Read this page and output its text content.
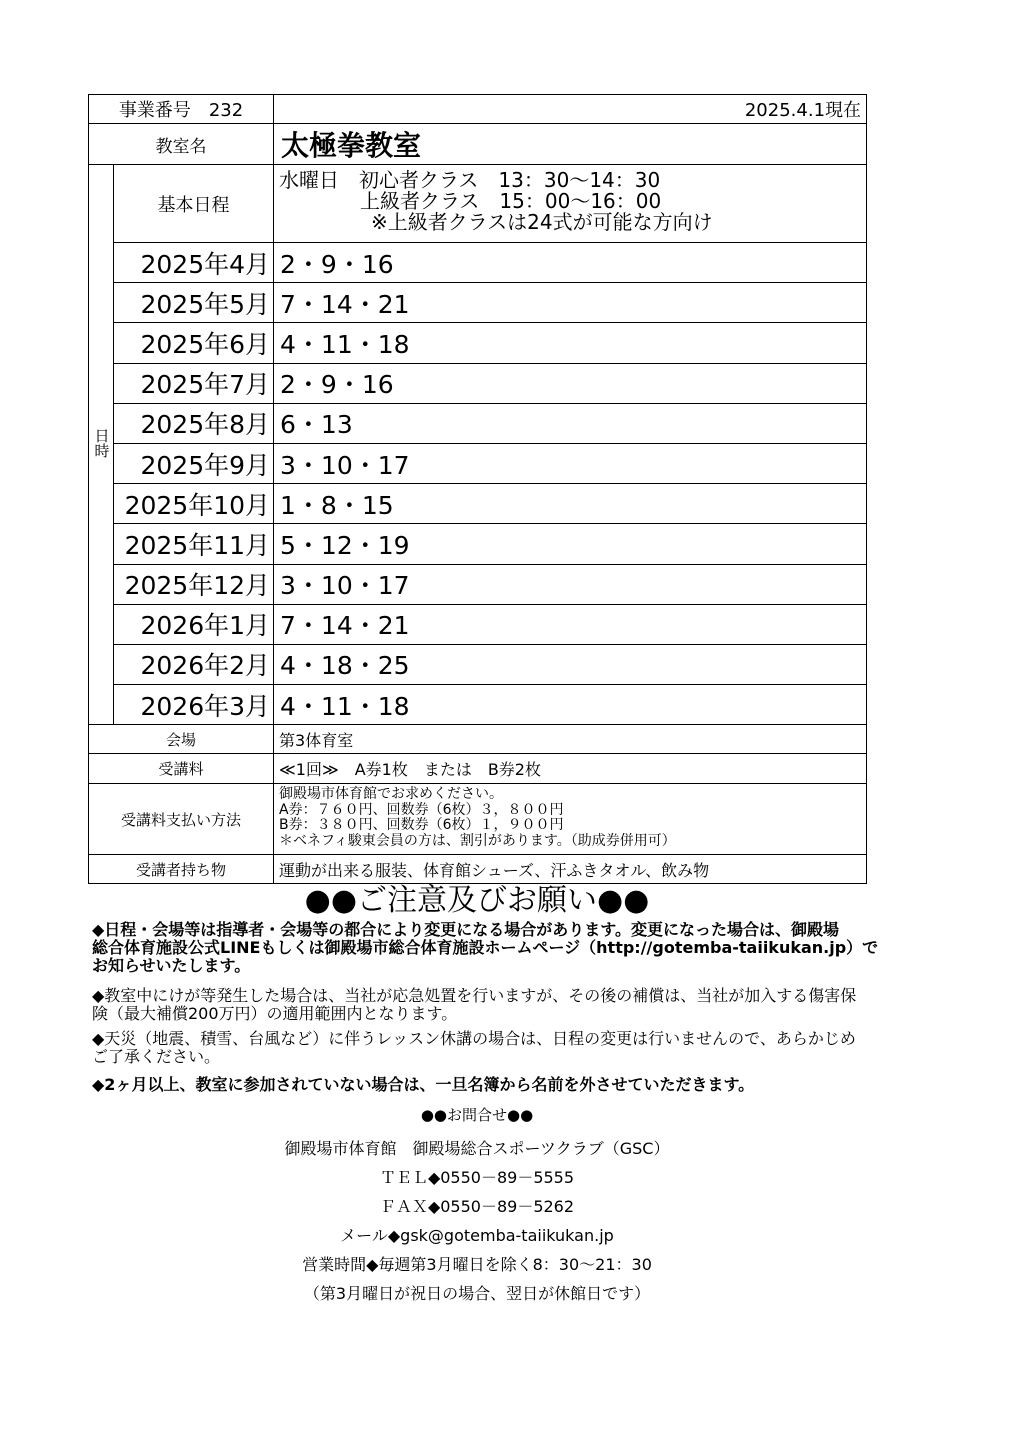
事業番号　232		2025.4.1現在
教室名		太極拳教室
日時	基本日程	水曜日　初心者クラス　13：30～14：30
上級者クラス　15：00～16：00
※上級者クラスは24式が可能な方向け

	2025年4月	2・9・16
	2025年5月	7・14・21
	2025年6月	4・11・18
	2025年7月	2・9・16
	2025年8月	6・13
	2025年9月	3・10・17
	2025年10月	1・8・15
	2025年11月	5・12・19
	2025年12月	3・10・17
	2026年1月	7・14・21
	2026年2月	4・18・25
	2026年3月	4・11・18
会場		第3体育室
受講料		≪1回≫　A券1枚　または　B券2枚
受講料支払い方法		御殿場市体育館でお求めください。
A券：７６０円、回数券（6枚）３，８００円
B券：３８０円、回数券（6枚）１，９００円
＊ベネフィ駿東会員の方は、割引があります。（助成券併用可）

受講者持ち物		運動が出来る服装、体育館シューズ、汗ふきタオル、飲み物
●●ご注意及びお願い●●

◆日程・会場等は指導者・会場等の都合により変更になる場合があります。変更になった場合は、御殿場
総合体育施設公式LINEもしくは御殿場市総合体育施設ホームページ（http://gotemba-taiikukan.jp）で
お知らせいたします。

◆教室中にけが等発生した場合は、当社が応急処置を行いますが、その後の補償は、当社が加入する傷害保
険（最大補償200万円）の適用範囲内となります。

◆天災（地震、積雪、台風など）に伴うレッスン休講の場合は、日程の変更は行いませんので、あらかじめ
ご了承ください。

◆2ヶ月以上、教室に参加されていない場合は、一旦名簿から名前を外させていただきます。

●●お問合せ●●
御殿場市体育館　御殿場総合スポーツクラブ（GSC）
ＴＥＬ◆0550－89－5555
ＦＡＸ◆0550－89－5262
メール◆gsk@gotemba-taiikukan.jp
営業時間◆毎週第3月曜日を除く8：30～21：30
（第3月曜日が祝日の場合、翌日が休館日です）
